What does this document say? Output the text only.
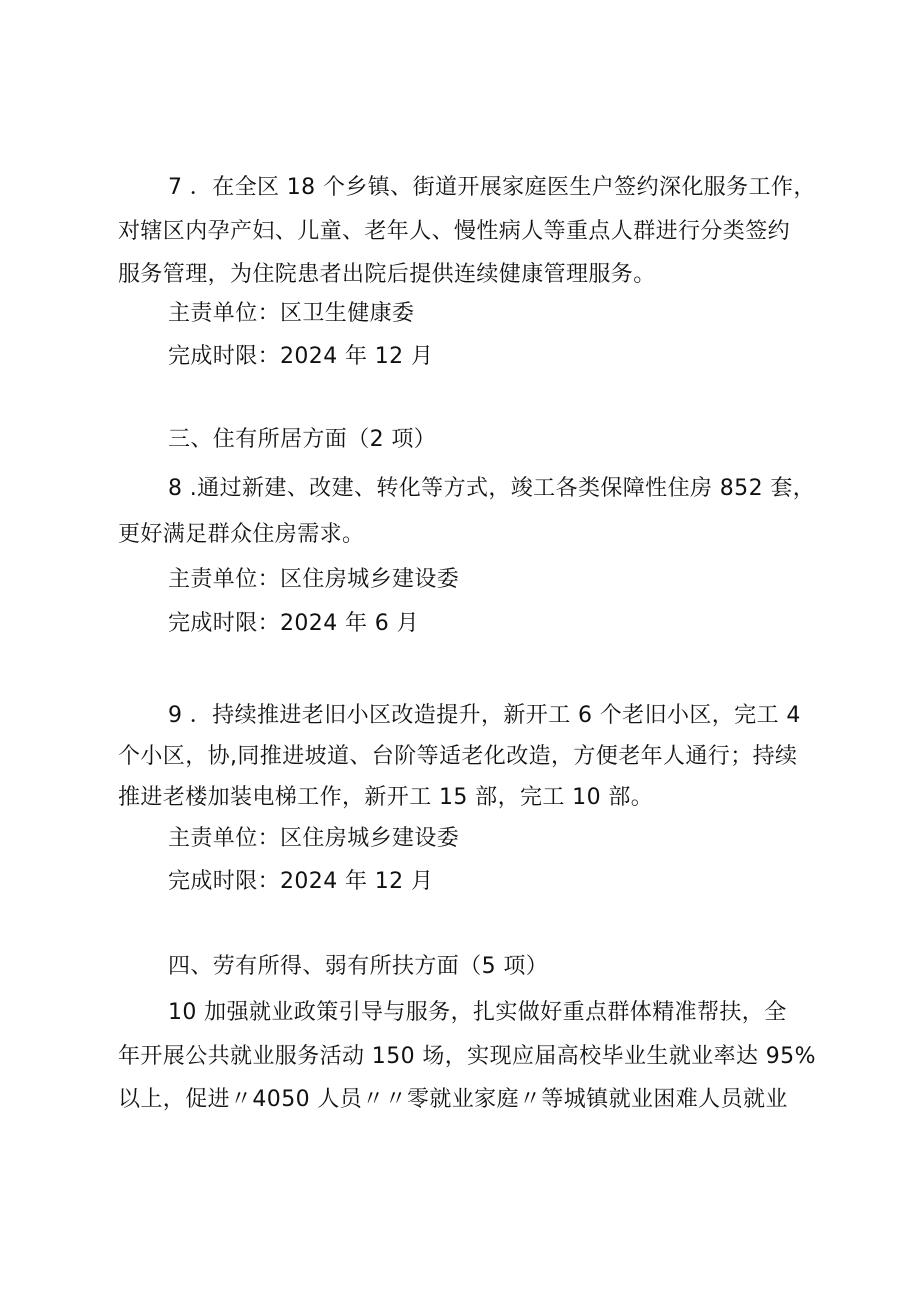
7 ．在全区 18 个乡镇、街道开展家庭医生户签约深化服务工作，
对辖区内孕产妇、儿童、老年人、慢性病人等重点人群进行分类签约
服务管理，为住院患者出院后提供连续健康管理服务。
主责单位：区卫生健康委
完成时限：2024 年 12 月
三、住有所居方面（2 项）
8 .通过新建、改建、转化等方式，竣工各类保障性住房 852 套，
更好满足群众住房需求。
主责单位：区住房城乡建设委
完成时限：2024 年 6 月
9 ．持续推进老旧小区改造提升，新开工 6 个老旧小区，完工 4
个小区，协,同推进坡道、台阶等适老化改造，方便老年人通行；持续
推进老楼加装电梯工作，新开工 15 部，完工 10 部。
主责单位：区住房城乡建设委
完成时限：2024 年 12 月
四、劳有所得、弱有所扶方面（5 项）
10 加强就业政策引导与服务，扎实做好重点群体精准帮扶，全
年开展公共就业服务活动 150 场，实现应届高校毕业生就业率达 95%
以上，促进〃4050 人员〃〃零就业家庭〃等城镇就业困难人员就业
